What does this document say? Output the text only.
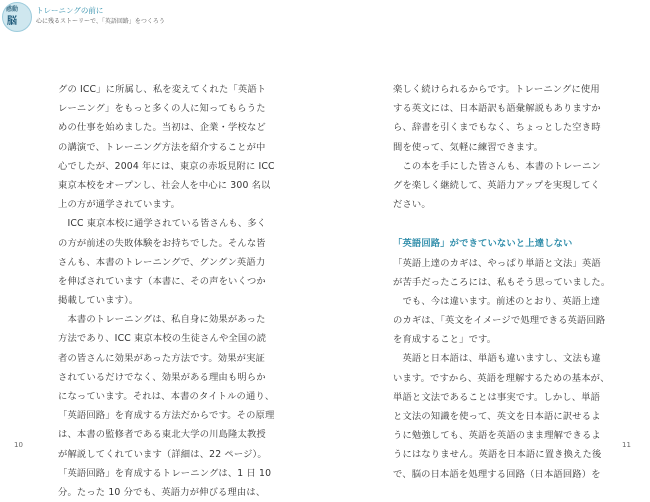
感動
脳
トレーニングの前に
心に残るストーリーで、「英語回路」をつくろう
グの ICC」に所属し、私を変えてくれた「英語ト
レーニング」をもっと多くの人に知ってもらうた
めの仕事を始めました。当初は、企業・学校など
の講演で、トレーニング方法を紹介することが中
心でしたが、2004 年には、東京の赤坂見附に ICC
東京本校をオープンし、社会人を中心に 300 名以
上の方が通学されています。
　ICC 東京本校に通学されている皆さんも、多く
の方が前述の失敗体験をお持ちでした。そんな皆
さんも、本書のトレーニングで、グングン英語力
を伸ばされています（本書に、その声をいくつか
掲載しています）。
　本書のトレーニングは、私自身に効果があった
方法であり、ICC 東京本校の生徒さんや全国の読
者の皆さんに効果があった方法です。効果が実証
されているだけでなく、効果がある理由も明らか
になっています。それは、本書のタイトルの通り、
「英語回路」を育成する方法だからです。その原理
は、本書の監修者である東北大学の川島隆太教授
が解説してくれています（詳細は、22 ページ）。
「英語回路」を育成するトレーニングは、1 日 10
分。たった 10 分でも、英語力が伸びる理由は、
10
楽しく続けられるからです。トレーニングに使用
する英文には、日本語訳も語彙解説もありますか
ら、辞書を引くまでもなく、ちょっとした空き時
間を使って、気軽に練習できます。
　この本を手にした皆さんも、本書のトレーニン
グを楽しく継続して、英語力アップを実現してく
ださい。
「英語回路」ができていないと上達しない
「英語上達のカギは、やっぱり単語と文法」英語
が苦手だったころには、私もそう思っていました。
　でも、今は違います。前述のとおり、英語上達
のカギは、「英文をイメージで処理できる英語回路
を育成すること」です。
　英語と日本語は、単語も違いますし、文法も違
います。ですから、英語を理解するための基本が、
単語と文法であることは事実です。しかし、単語
と文法の知識を使って、英文を日本語に訳せるよ
うに勉強しても、英語を英語のまま理解できるよ
うにはなりません。英語を日本語に置き換えた後
で、脳の日本語を処理する回路（日本語回路）を
11
